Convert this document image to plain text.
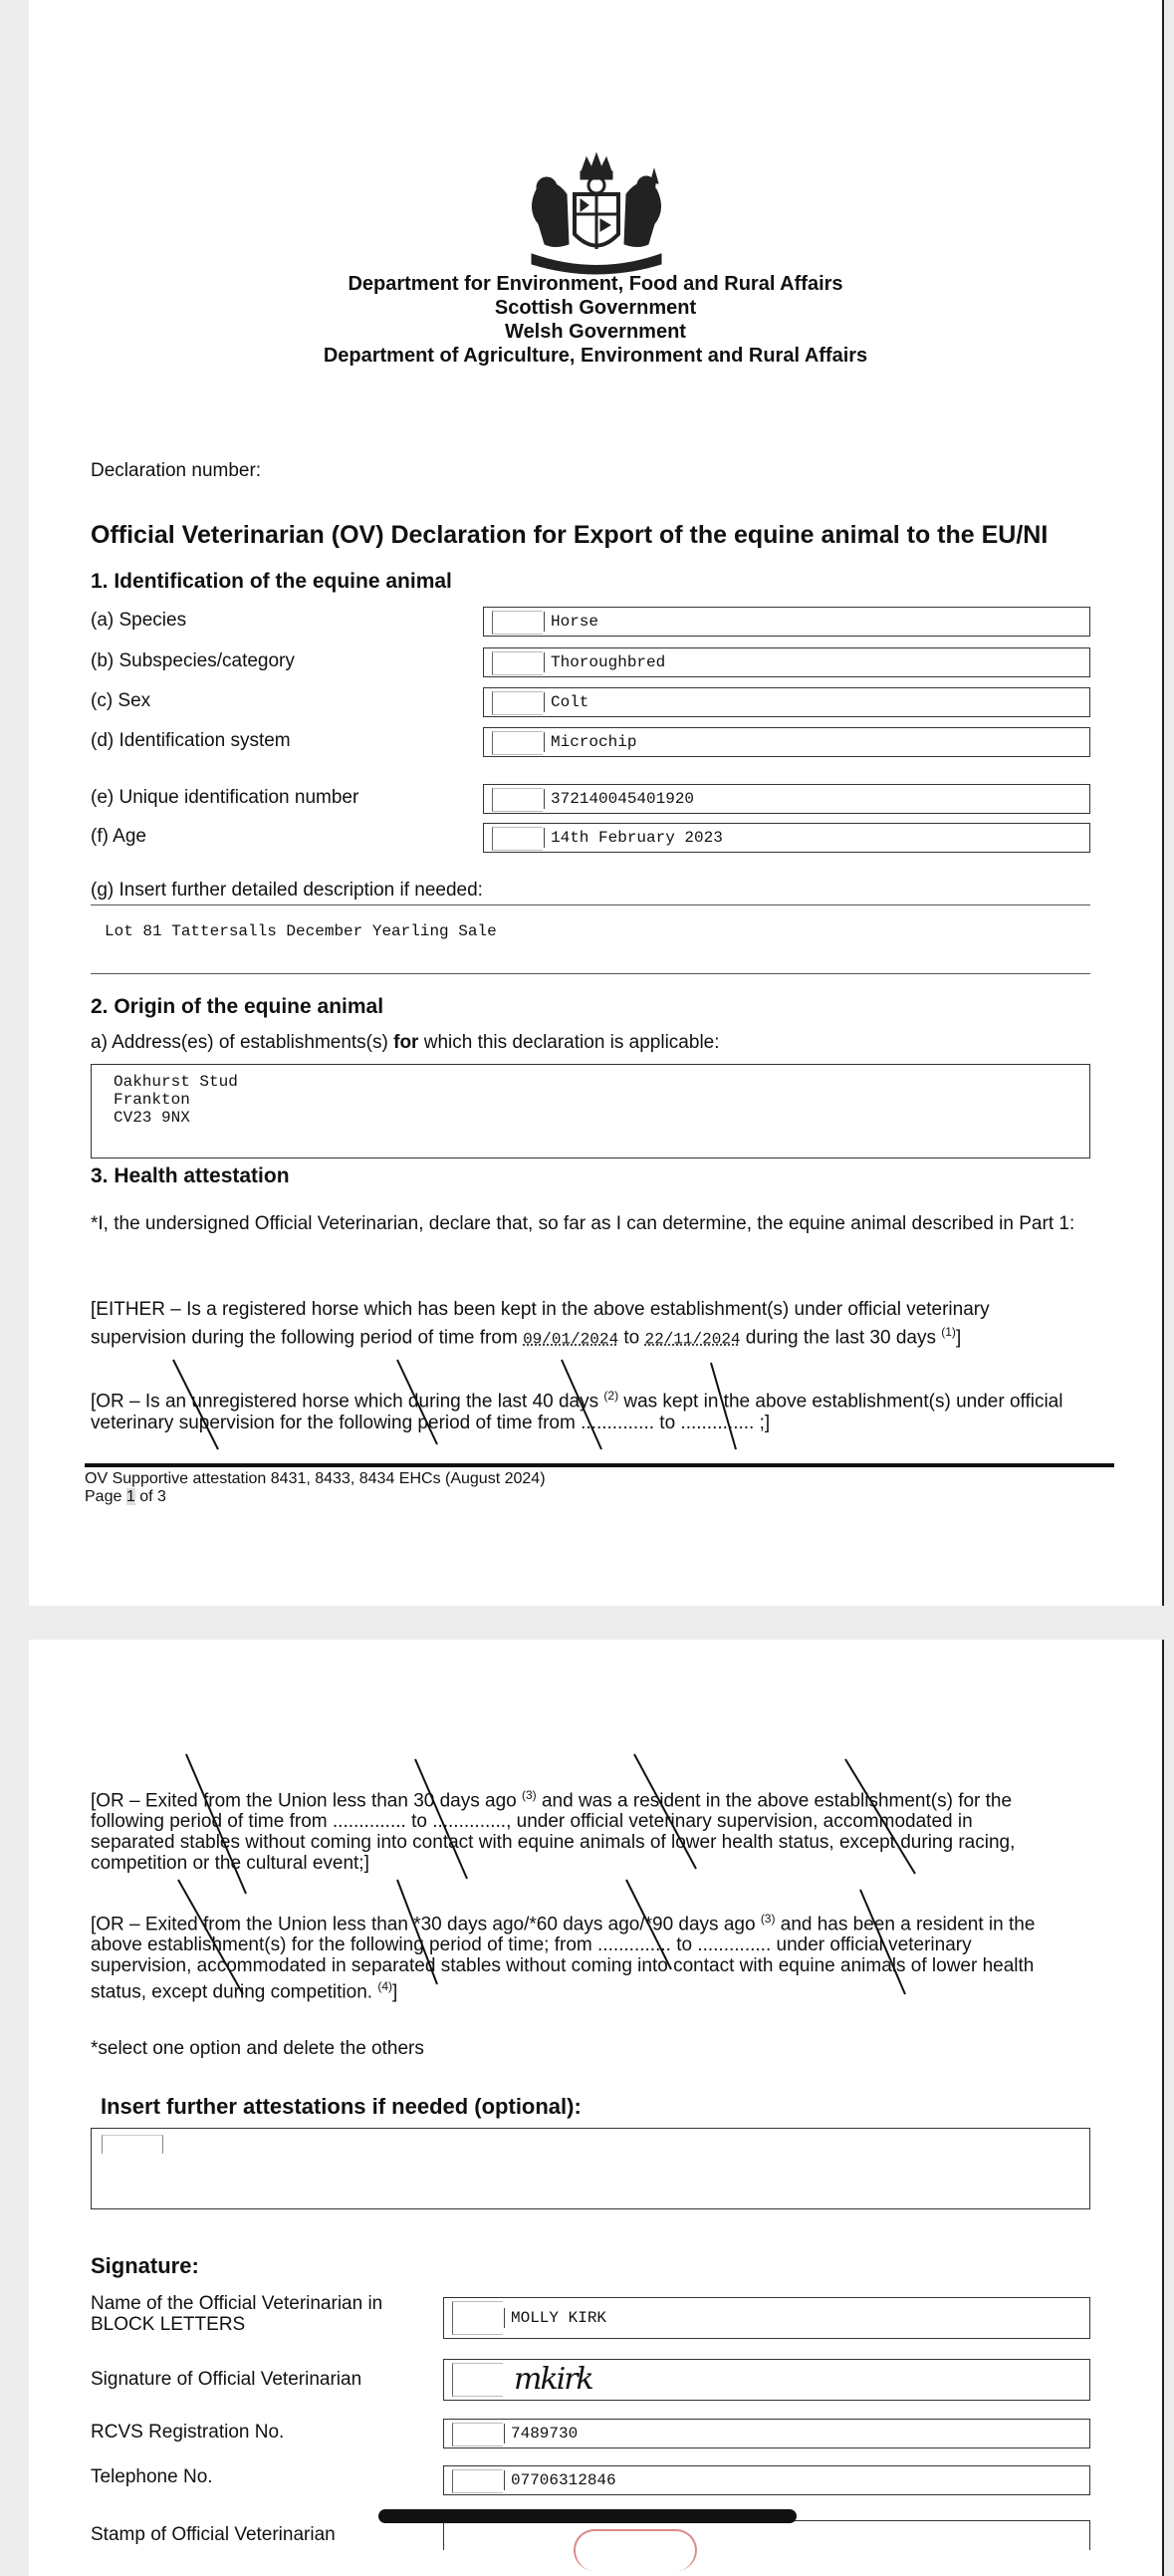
Department for Environment, Food and Rural Affairs
Scottish Government
Welsh Government
Department of Agriculture, Environment and Rural Affairs
Declaration number:
Official Veterinarian (OV) Declaration for Export of the equine animal to the EU/NI
1. Identification of the equine animal
(a) Species	Horse
(b) Subspecies/category	Thoroughbred
(c) Sex	Colt
(d) Identification system	Microchip
(e) Unique identification number	372140045401920
(f) Age	14th February 2023
(g) Insert further detailed description if needed:
Lot 81 Tattersalls December Yearling Sale
2. Origin of the equine animal
a) Address(es) of establishments(s) for which this declaration is applicable:
Oakhurst Stud
Frankton
CV23 9NX
3. Health attestation
*I, the undersigned Official Veterinarian, declare that, so far as I can determine, the equine animal described in Part 1:
[EITHER – Is a registered horse which has been kept in the above establishment(s) under official veterinary
supervision during the following period of time from 09/01/2024 to 22/11/2024 during the last 30 days $^{(1)}$]
[OR – Is an unregistered horse which during the last 40 days $^{(2)}$ was kept in the above establishment(s) under official
veterinary supervision for the following period of time from .............. to .............. ;]
OV Supportive attestation 8431, 8433, 8434 EHCs (August 2024)
Page 1 of 3
[OR – Exited from the Union less than 30 days ago $^{(3)}$ and was a resident in the above establishment(s) for the
following period of time from .............. to .............., under official veterinary supervision, accommodated in
separated stables without coming into contact with equine animals of lower health status, except during racing,
competition or the cultural event;]
[OR – Exited from the Union less than *30 days ago/*60 days ago/*90 days ago $^{(3)}$ and has been a resident in the
above establishment(s) for the following period of time; from .............. to .............. under official veterinary
supervision, accommodated in separated stables without coming into contact with equine animals of lower health
status, except during competition. $^{(4)}$]
*select one option and delete the others
Insert further attestations if needed (optional):
Signature:
Name of the Official Veterinarian in
BLOCK LETTERS	MOLLY KIRK
Signature of Official Veterinarian	mkirk
RCVS Registration No.	7489730
Telephone No.	07706312846
Stamp of Official Veterinarian
